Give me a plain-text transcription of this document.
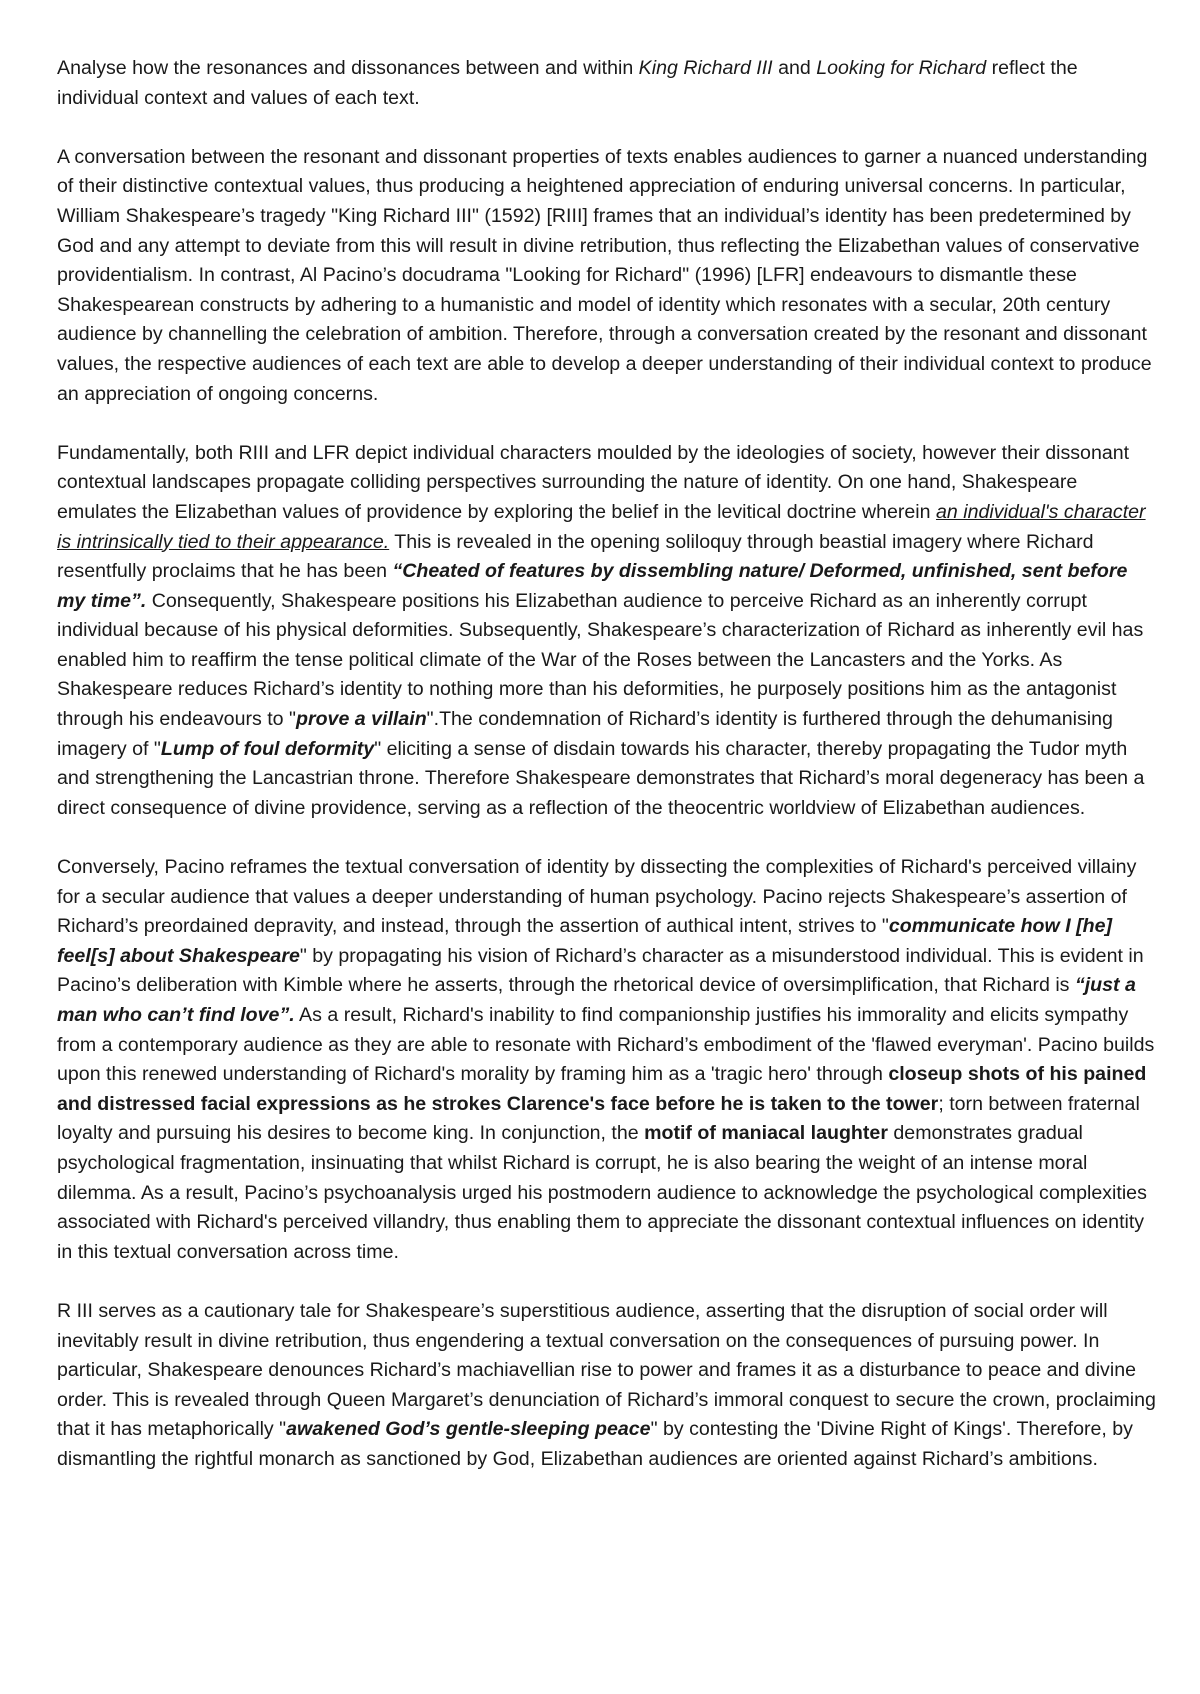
Analyse how the resonances and dissonances between and within King Richard III and Looking for Richard reflect the individual context and values of each text.

A conversation between the resonant and dissonant properties of texts enables audiences to garner a nuanced understanding of their distinctive contextual values, thus producing a heightened appreciation of enduring universal concerns. In particular, William Shakespeare’s tragedy "King Richard III" (1592) [RIII] frames that an individual’s identity has been predetermined by God and any attempt to deviate from this will result in divine retribution, thus reflecting the Elizabethan values of conservative providentialism. In contrast, Al Pacino’s docudrama "Looking for Richard" (1996) [LFR] endeavours to dismantle these Shakespearean constructs by adhering to a humanistic and model of identity which resonates with a secular, 20th century audience by channelling the celebration of ambition. Therefore, through a conversation created by the resonant and dissonant values, the respective audiences of each text are able to develop a deeper understanding of their individual context to produce an appreciation of ongoing concerns.

Fundamentally, both RIII and LFR depict individual characters moulded by the ideologies of society, however their dissonant contextual landscapes propagate colliding perspectives surrounding the nature of identity. On one hand, Shakespeare emulates the Elizabethan values of providence by exploring the belief in the levitical doctrine wherein an individual's character is intrinsically tied to their appearance. This is revealed in the opening soliloquy through beastial imagery where Richard resentfully proclaims that he has been “Cheated of features by dissembling nature/ Deformed, unfinished, sent before my time”. Consequently, Shakespeare positions his Elizabethan audience to perceive Richard as an inherently corrupt individual because of his physical deformities. Subsequently, Shakespeare’s characterization of Richard as inherently evil has enabled him to reaffirm the tense political climate of the War of the Roses between the Lancasters and the Yorks. As Shakespeare reduces Richard’s identity to nothing more than his deformities, he purposely positions him as the antagonist through his endeavours to "prove a villain".The condemnation of Richard’s identity is furthered through the dehumanising imagery of "Lump of foul deformity" eliciting a sense of disdain towards his character, thereby propagating the Tudor myth and strengthening the Lancastrian throne. Therefore Shakespeare demonstrates that Richard’s moral degeneracy has been a direct consequence of divine providence, serving as a reflection of the theocentric worldview of Elizabethan audiences.

Conversely, Pacino reframes the textual conversation of identity by dissecting the complexities of Richard's perceived villainy for a secular audience that values a deeper understanding of human psychology. Pacino rejects Shakespeare’s assertion of Richard’s preordained depravity, and instead, through the assertion of authical intent, strives to "communicate how I [he] feel[s] about Shakespeare" by propagating his vision of Richard’s character as a misunderstood individual. This is evident in Pacino’s deliberation with Kimble where he asserts, through the rhetorical device of oversimplification, that Richard is “just a man who can’t find love”. As a result, Richard's inability to find companionship justifies his immorality and elicits sympathy from a contemporary audience as they are able to resonate with Richard’s embodiment of the 'flawed everyman'. Pacino builds upon this renewed understanding of Richard's morality by framing him as a 'tragic hero' through closeup shots of his pained and distressed facial expressions as he strokes Clarence's face before he is taken to the tower; torn between fraternal loyalty and pursuing his desires to become king. In conjunction, the motif of maniacal laughter demonstrates gradual psychological fragmentation, insinuating that whilst Richard is corrupt, he is also bearing the weight of an intense moral dilemma. As a result, Pacino’s psychoanalysis urged his postmodern audience to acknowledge the psychological complexities associated with Richard's perceived villandry, thus enabling them to appreciate the dissonant contextual influences on identity in this textual conversation across time.

R III serves as a cautionary tale for Shakespeare’s superstitious audience, asserting that the disruption of social order will inevitably result in divine retribution, thus engendering a textual conversation on the consequences of pursuing power. In particular, Shakespeare denounces Richard’s machiavellian rise to power and frames it as a disturbance to peace and divine order. This is revealed through Queen Margaret’s denunciation of Richard’s immoral conquest to secure the crown, proclaiming that it has metaphorically "awakened God’s gentle-sleeping peace" by contesting the 'Divine Right of Kings'. Therefore, by dismantling the rightful monarch as sanctioned by God, Elizabethan audiences are oriented against Richard’s ambitions.
